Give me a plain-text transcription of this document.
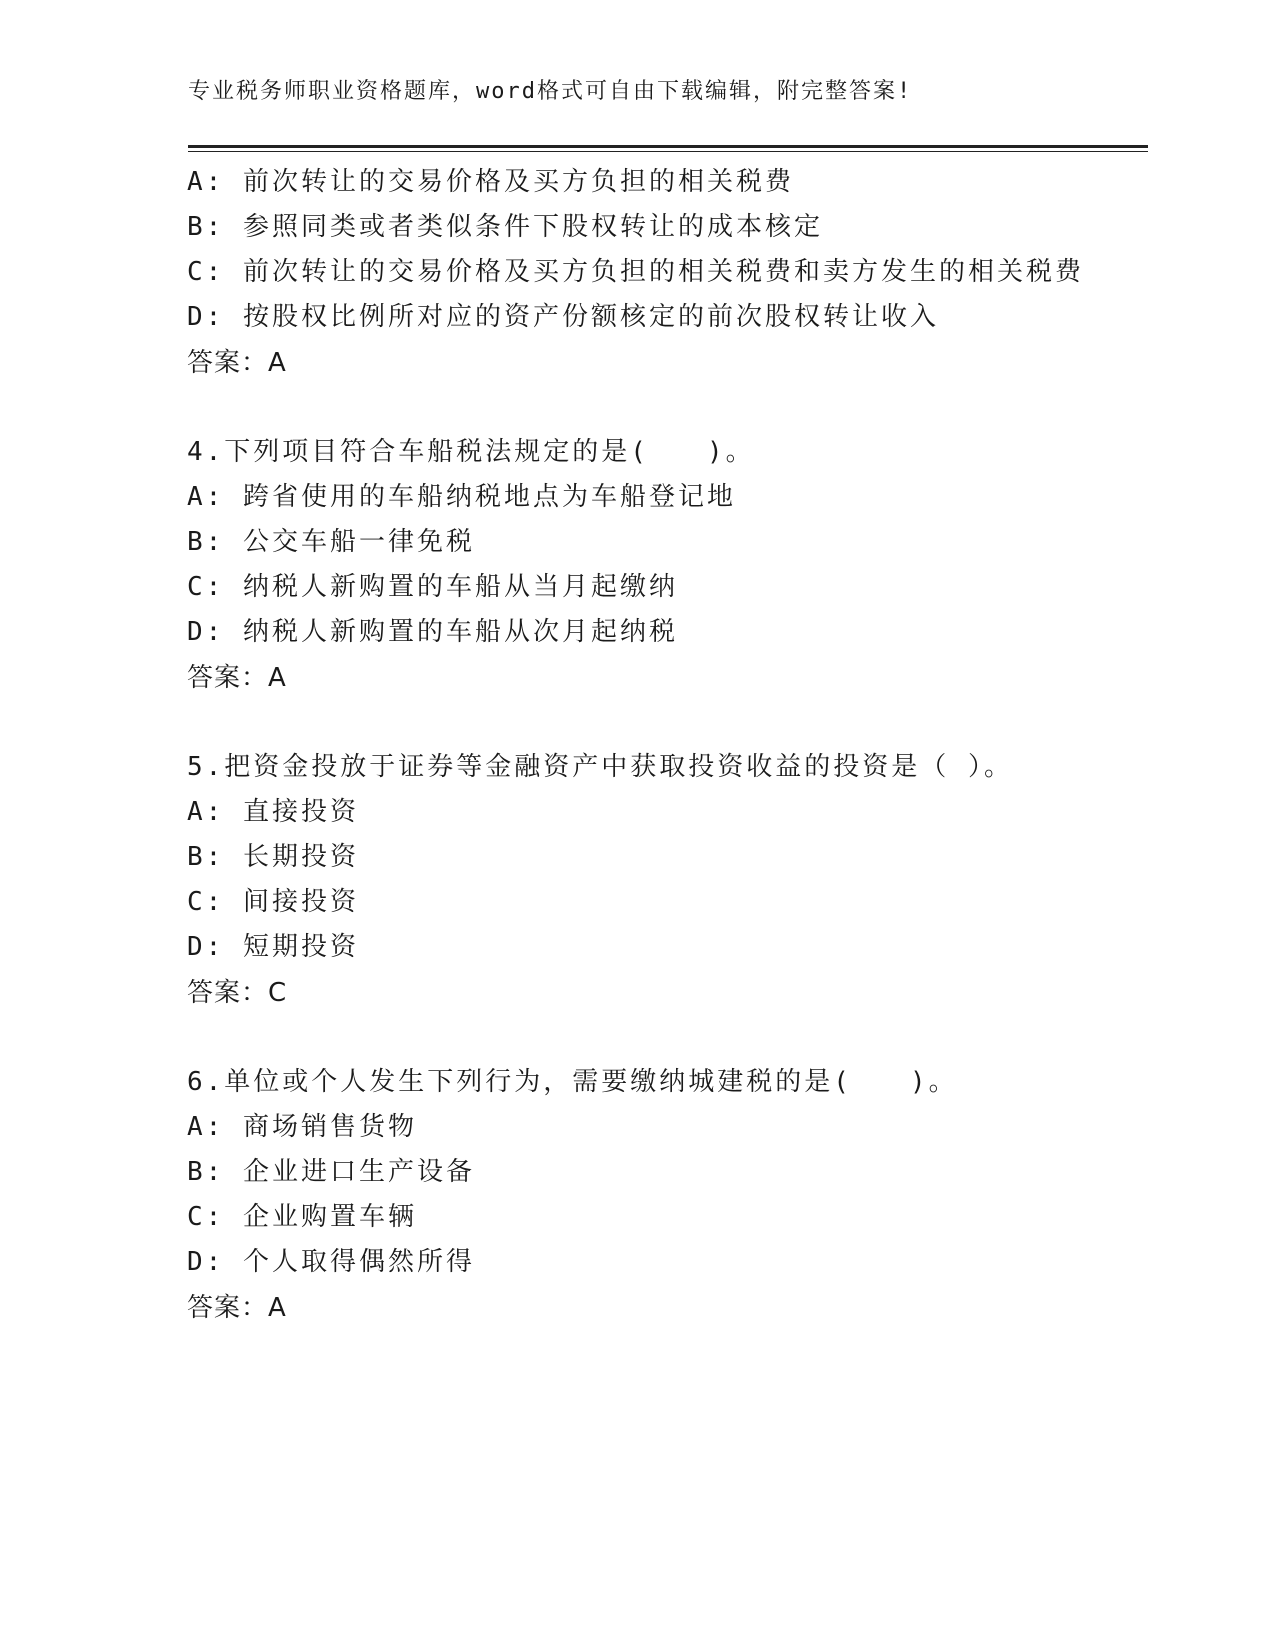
专业税务师职业资格题库，word格式可自由下载编辑，附完整答案!
A: 前次转让的交易价格及买方负担的相关税费
B: 参照同类或者类似条件下股权转让的成本核定
C: 前次转让的交易价格及买方负担的相关税费和卖方发生的相关税费
D: 按股权比例所对应的资产份额核定的前次股权转让收入
答案：A
4.下列项目符合车船税法规定的是(　　)。
A: 跨省使用的车船纳税地点为车船登记地
B: 公交车船一律免税
C: 纳税人新购置的车船从当月起缴纳
D: 纳税人新购置的车船从次月起纳税
答案：A
5.把资金投放于证券等金融资产中获取投资收益的投资是（ ）。
A: 直接投资
B: 长期投资
C: 间接投资
D: 短期投资
答案：C
6.单位或个人发生下列行为，需要缴纳城建税的是(　　)。
A: 商场销售货物
B: 企业进口生产设备
C: 企业购置车辆
D: 个人取得偶然所得
答案：A
